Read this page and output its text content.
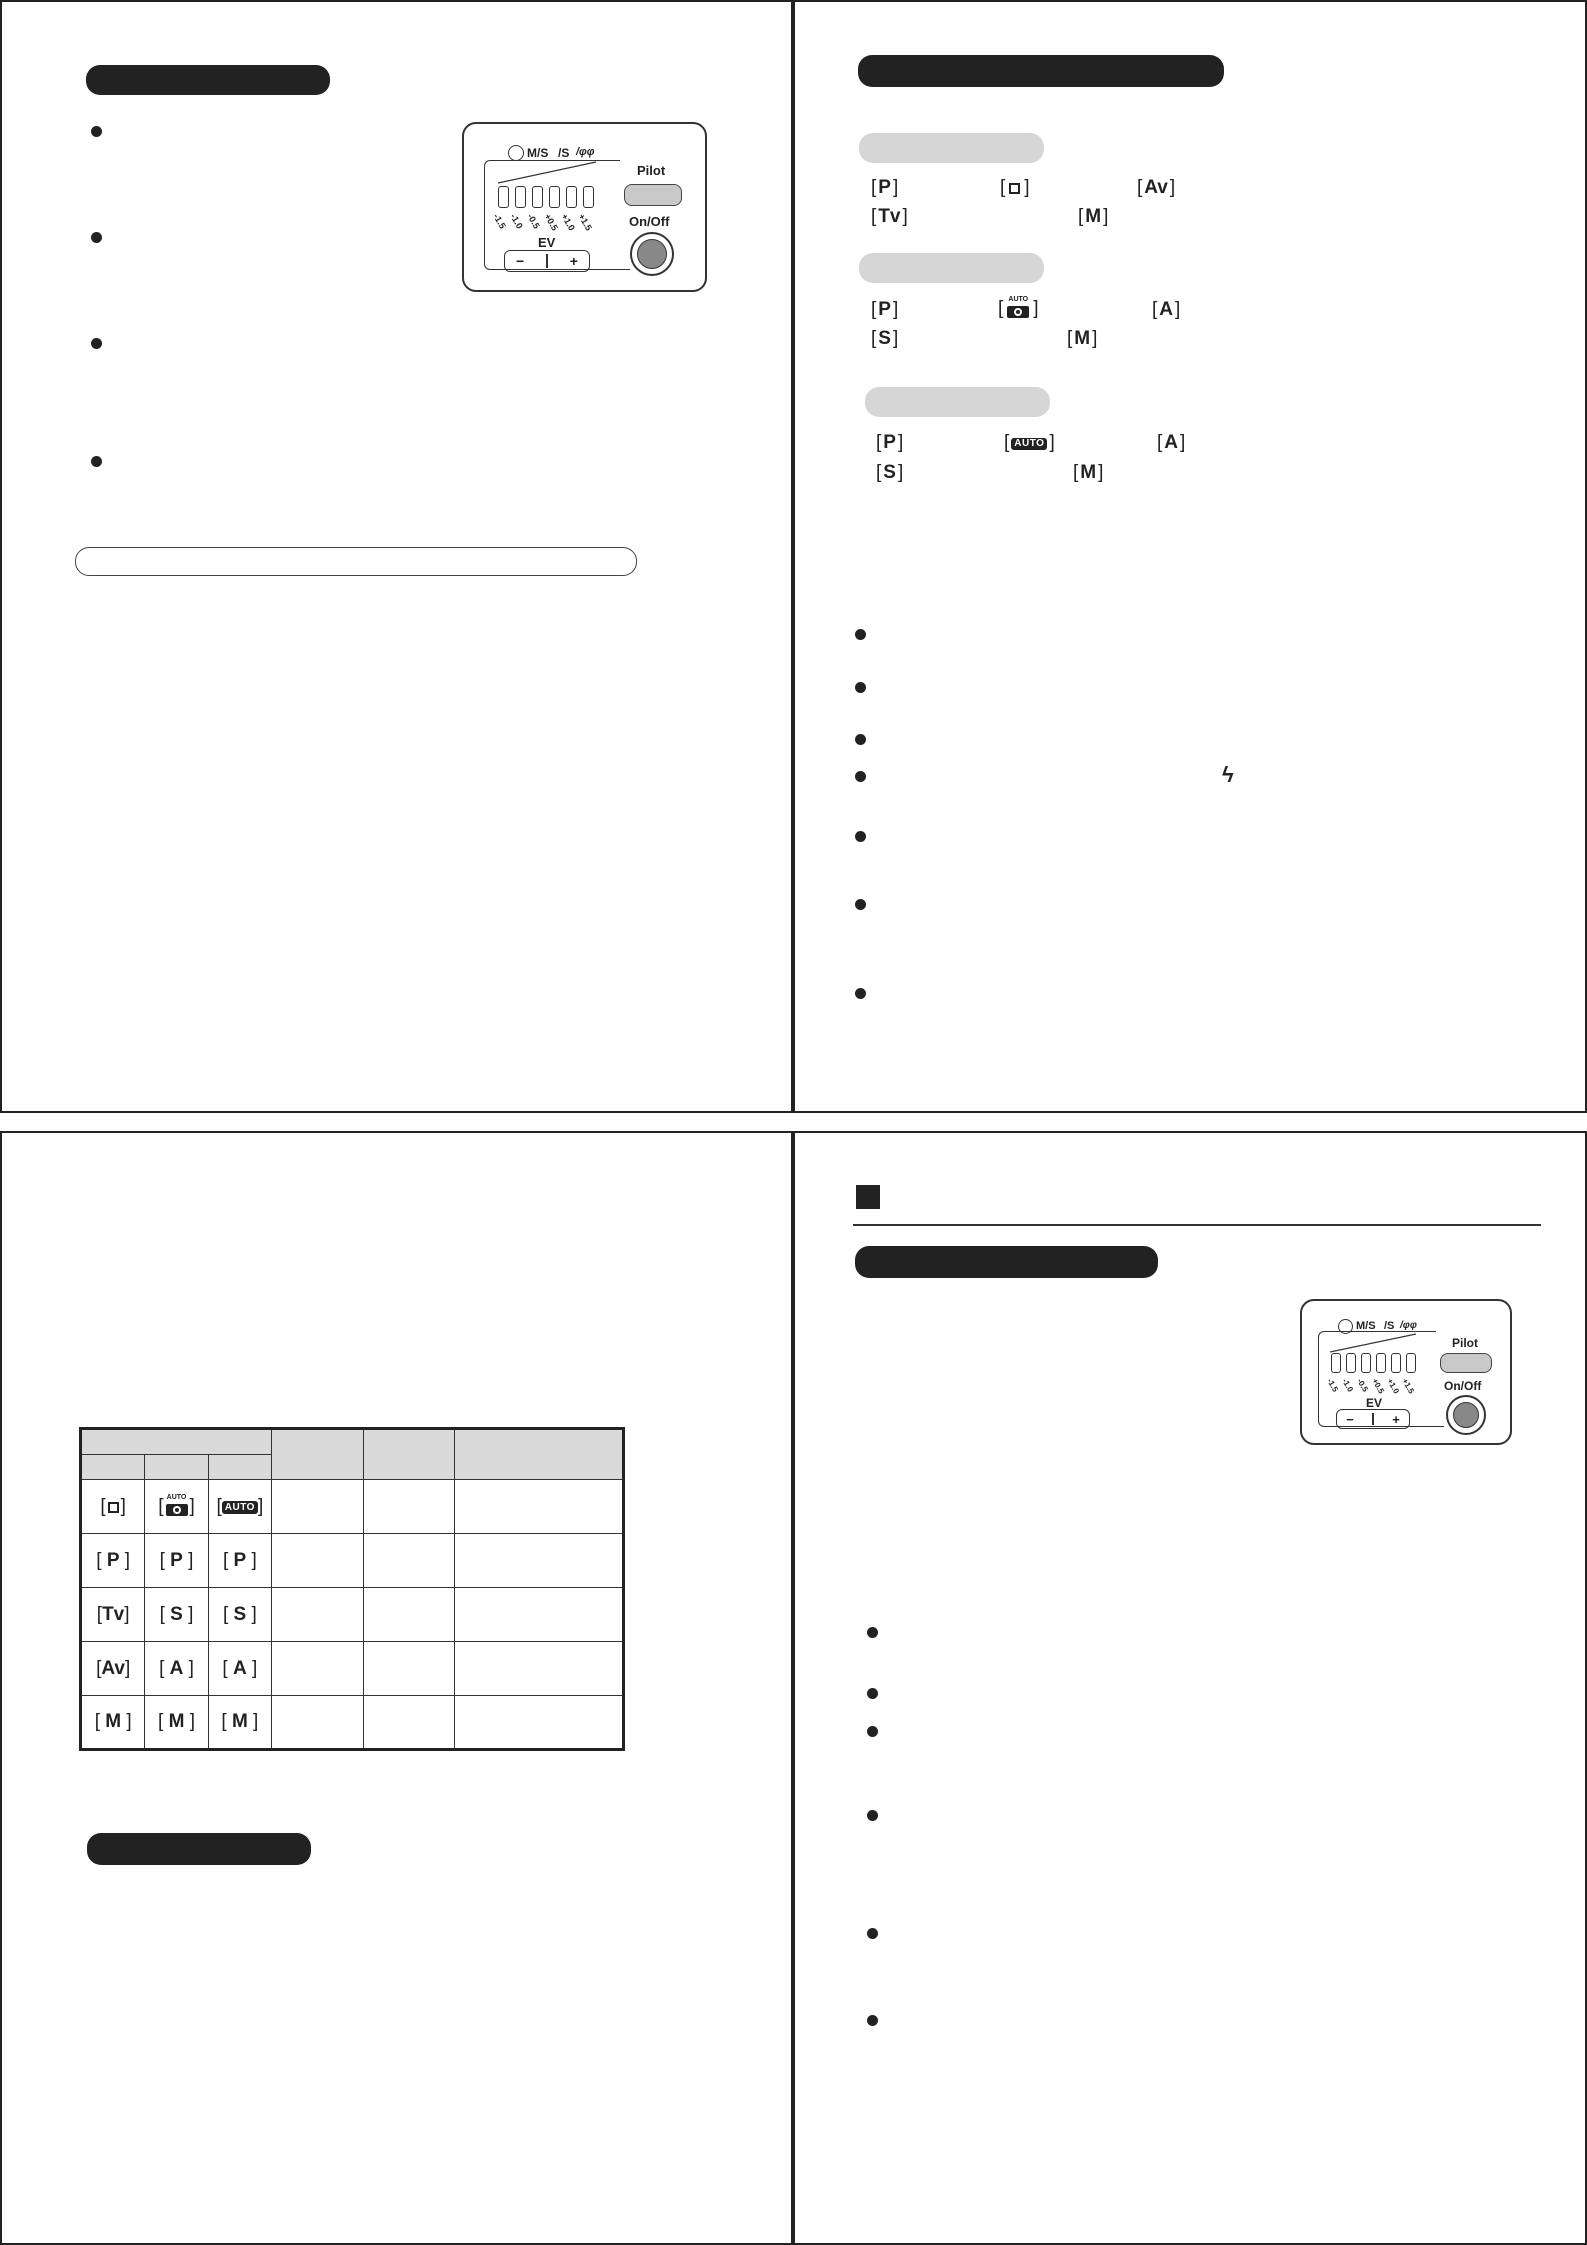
M/S /S /φφ
-1.5 -1.0 -0.5 +0.5 +1.0 +1.5
EV
−	+
Pilot
On/Off
[ P ]	[ ]	[ Av ]
[ Tv ]	[ M ]
[ P ]	[ AUTO ]	[ A ]
[ S ]	[ M ]
[ P ]	[ AUTO ]	[ A ]
[ S ]	[ M ]
ϟ

[ ]	[ AUTO ]	[ AUTO ]			
[ P ]	[ P ]	[ P ]			
[Tv]	[ S ]	[ S ]			
[Av]	[ A ]	[ A ]			
[ M ]	[ M ]	[ M ]			
M/S /S /φφ
-1.5 -1.0 -0.5 +0.5 +1.0 +1.5
EV
−	+
Pilot
On/Off
